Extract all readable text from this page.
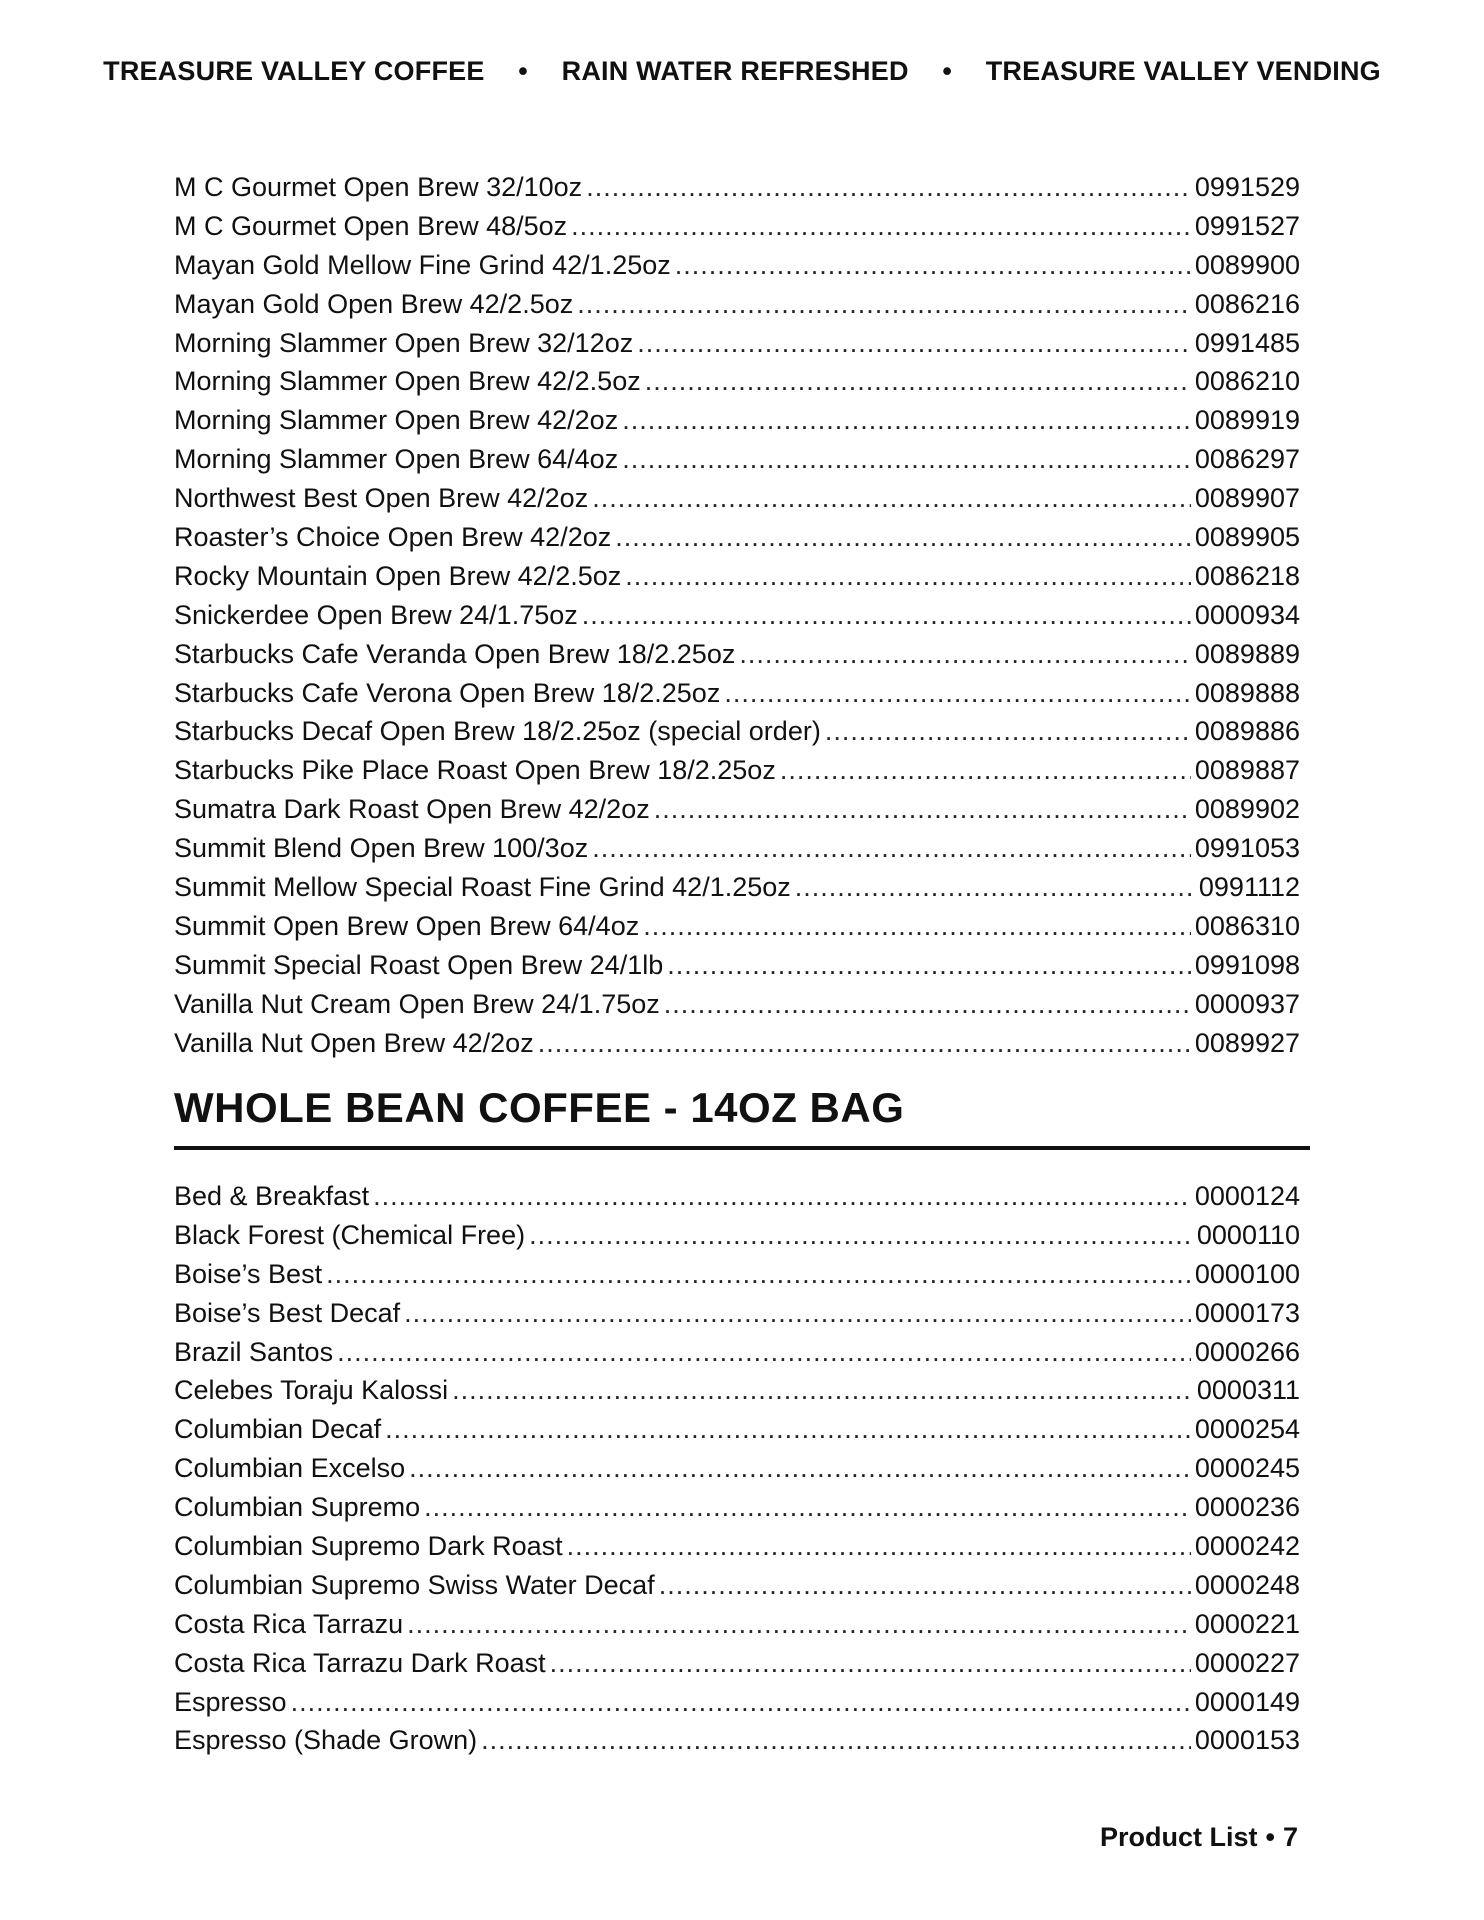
TREASURE VALLEY COFFEE • RAIN WATER REFRESHED • TREASURE VALLEY VENDING
M C Gourmet Open Brew 32/10oz .....	0991529
M C Gourmet Open Brew 48/5oz .....	0991527
Mayan Gold Mellow Fine Grind 42/1.25oz .....	0089900
Mayan Gold Open Brew 42/2.5oz .....	0086216
Morning Slammer Open Brew 32/12oz .....	0991485
Morning Slammer Open Brew 42/2.5oz .....	0086210
Morning Slammer Open Brew 42/2oz .....	0089919
Morning Slammer Open Brew 64/4oz .....	0086297
Northwest Best Open Brew 42/2oz .....	0089907
Roaster’s Choice Open Brew 42/2oz .....	0089905
Rocky Mountain Open Brew 42/2.5oz .....	0086218
Snickerdee Open Brew 24/1.75oz .....	0000934
Starbucks Cafe Veranda Open Brew 18/2.25oz .....	0089889
Starbucks Cafe Verona Open Brew 18/2.25oz .....	0089888
Starbucks Decaf Open Brew 18/2.25oz (special order) .....	0089886
Starbucks Pike Place Roast Open Brew 18/2.25oz .....	0089887
Sumatra Dark Roast Open Brew 42/2oz .....	0089902
Summit Blend Open Brew 100/3oz .....	0991053
Summit Mellow Special Roast Fine Grind 42/1.25oz .....	0991112
Summit Open Brew Open Brew 64/4oz .....	0086310
Summit Special Roast Open Brew 24/1lb .....	0991098
Vanilla Nut Cream Open Brew 24/1.75oz .....	0000937
Vanilla Nut Open Brew 42/2oz .....	0089927
WHOLE BEAN COFFEE - 14OZ BAG
Bed & Breakfast .....	0000124
Black Forest (Chemical Free) .....	0000110
Boise’s Best .....	0000100
Boise’s Best Decaf .....	0000173
Brazil Santos .....	0000266
Celebes Toraju Kalossi .....	0000311
Columbian Decaf .....	0000254
Columbian Excelso .....	0000245
Columbian Supremo .....	0000236
Columbian Supremo Dark Roast .....	0000242
Columbian Supremo Swiss Water Decaf .....	0000248
Costa Rica Tarrazu .....	0000221
Costa Rica Tarrazu Dark Roast .....	0000227
Espresso .....	0000149
Espresso (Shade Grown) .....	0000153
Product List • 7
